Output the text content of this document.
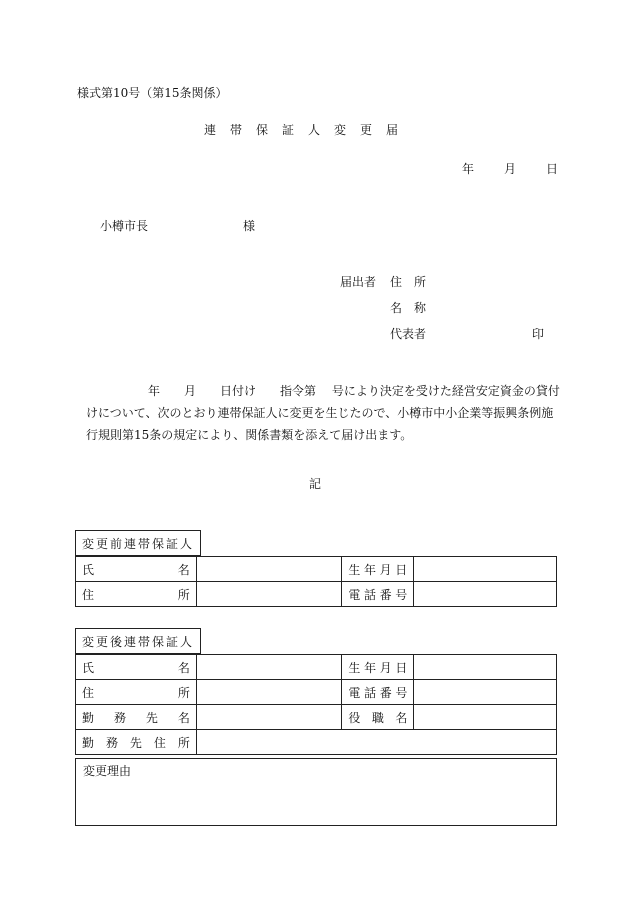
様式第10号（第15条関係）
連帯保証人変更届
年	月	日
小樽市長	様
届出者 住　所
名　称
代表者	印
年　　月　　日付け　　指令第　 号により決定を受けた経営安定資金の貸付
けについて、次のとおり連帯保証人に変更を生じたので、小樽市中小企業等振興条例施
行規則第15条の規定により、関係書類を添えて届け出ます。
記
変更前連帯保証人
氏 名		生 年 月 日	

住 所		電 話 番 号	

変更後連帯保証人
氏 名		生 年 月 日	

住 所		電 話 番 号	

勤 務 先 名		役 職 名	

勤 務 先 住 所			

変更理由
